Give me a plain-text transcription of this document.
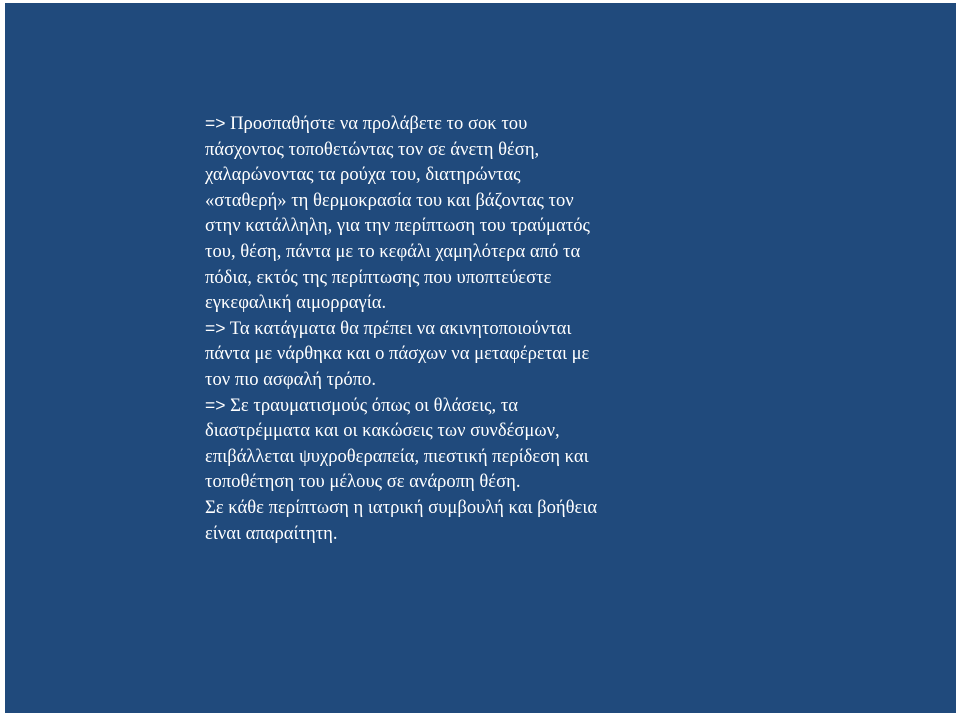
=> Προσπαθήστε να προλάβετε το σοκ του
πάσχοντος τοποθετώντας τον σε άνετη θέση,
χαλαρώνοντας τα ρούχα του, διατηρώντας
«σταθερή» τη θερμοκρασία του και βάζοντας τον
στην κατάλληλη, για την περίπτωση του τραύματός
του, θέση, πάντα με το κεφάλι χαμηλότερα από τα
πόδια, εκτός της περίπτωσης που υποπτεύεστε
εγκεφαλική αιμορραγία.

=> Τα κατάγματα θα πρέπει να ακινητοποιούνται
πάντα με νάρθηκα και ο πάσχων να μεταφέρεται με
τον πιο ασφαλή τρόπο.

=> Σε τραυματισμούς όπως οι θλάσεις, τα
διαστρέμματα και οι κακώσεις των συνδέσμων,
επιβάλλεται ψυχροθεραπεία, πιεστική περίδεση και
τοποθέτηση του μέλους σε ανάροπη θέση.

Σε κάθε περίπτωση η ιατρική συμβουλή και βοήθεια
είναι απαραίτητη.
